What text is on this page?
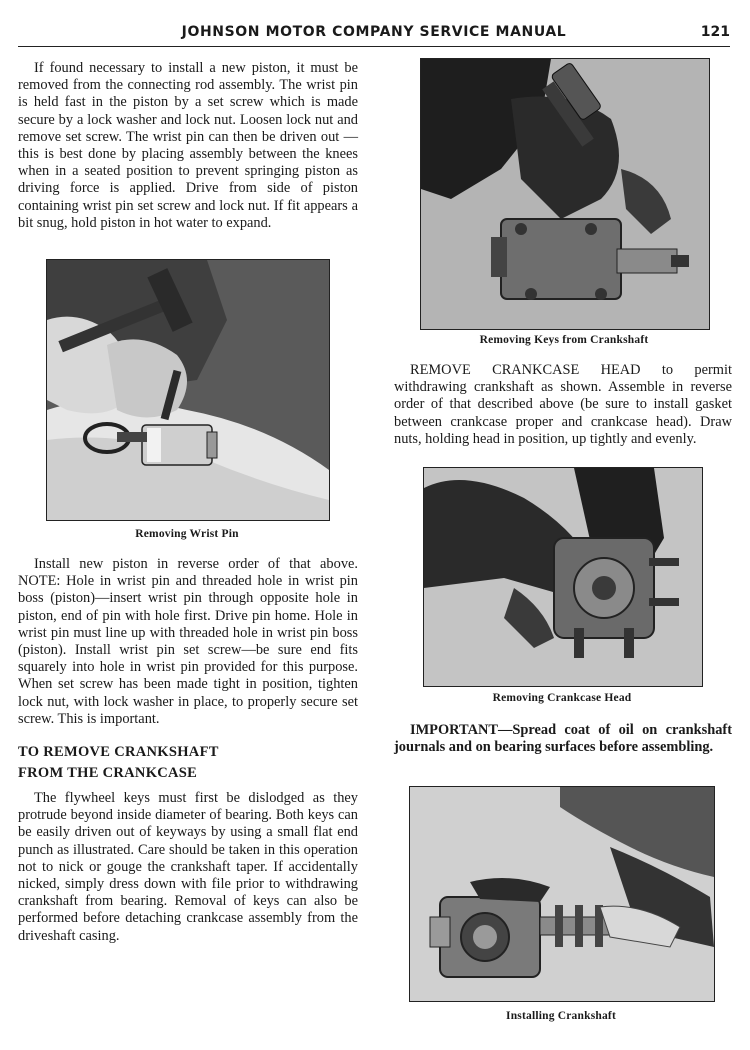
JOHNSON MOTOR COMPANY SERVICE MANUAL	121

If found necessary to install a new piston, it must be removed from the connecting rod assembly. The wrist pin is held fast in the piston by a set screw which is made secure by a lock washer and lock nut. Loosen lock nut and remove set screw. The wrist pin can then be driven out — this is best done by placing assembly between the knees when in a seated position to prevent springing piston as driving force is applied. Drive from side of piston containing wrist pin set screw and lock nut. If fit appears a bit snug, hold piston in hot water to expand.

Removing Wrist Pin

Install new piston in reverse order of that above. NOTE: Hole in wrist pin and threaded hole in wrist pin boss (piston)—insert wrist pin through opposite hole in piston, end of pin with hole first. Drive pin home. Hole in wrist pin must line up with threaded hole in wrist pin boss (piston). Install wrist pin set screw—be sure end fits squarely into hole in wrist pin provided for this purpose. When set screw has been made tight in position, tighten lock nut, with lock washer in place, to properly secure set screw. This is important.

TO REMOVE CRANKSHAFT
FROM THE CRANKCASE

The flywheel keys must first be dislodged as they protrude beyond inside diameter of bearing. Both keys can be easily driven out of keyways by using a small flat end punch as illustrated. Care should be taken in this operation not to nick or gouge the crankshaft taper. If accidentally nicked, simply dress down with file prior to withdrawing crankshaft from bearing. Removal of keys can also be performed before detaching crankcase assembly from the driveshaft casing.

Removing Keys from Crankshaft

REMOVE CRANKCASE HEAD to permit withdrawing crankshaft as shown. Assemble in reverse order of that described above (be sure to install gasket between crankcase proper and crankcase head). Draw nuts, holding head in position, up tightly and evenly.

Removing Crankcase Head

IMPORTANT—Spread coat of oil on crankshaft journals and on bearing surfaces before assembling.

Installing Crankshaft
